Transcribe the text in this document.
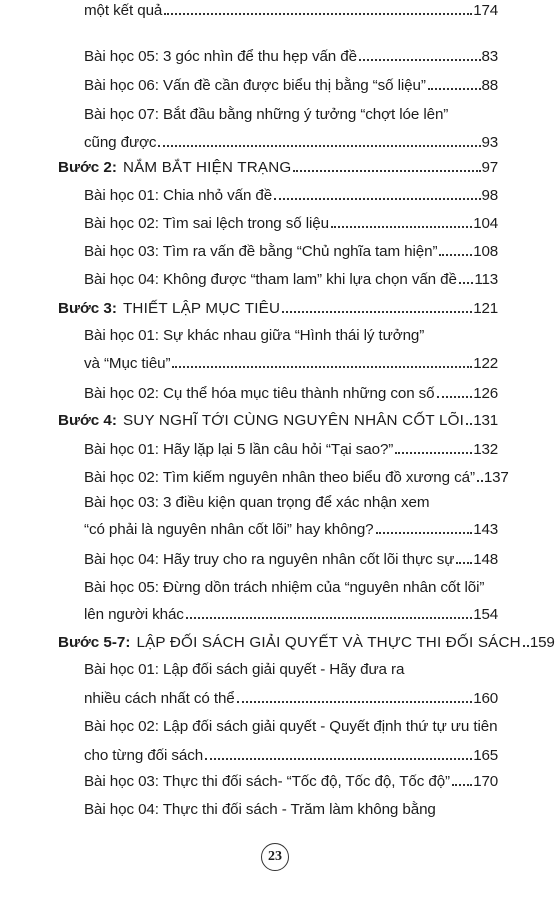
Bài học 05: 3 góc nhìn để thu hẹp vấn đề	83
Bài học 06: Vấn đề cần được biểu thị bằng “số liệu”	88
Bài học 07: Bắt đầu bằng những ý tưởng “chợt lóe lên”
cũng được	93
Bước 2: NẮM BẮT HIỆN TRẠNG	97
Bài học 01: Chia nhỏ vấn đề	98
Bài học 02: Tìm sai lệch trong số liệu	104
Bài học 03: Tìm ra vấn đề bằng “Chủ nghĩa tam hiện” 108
Bài học 04: Không được “tham lam” khi lựa chọn vấn đề 113
Bước 3: THIẾT LẬP MỤC TIÊU	121
Bài học 01: Sự khác nhau giữa “Hình thái lý tưởng”
và “Mục tiêu”	122
Bài học 02: Cụ thể hóa mục tiêu thành những con số	126
Bước 4: SUY NGHĨ TỚI CÙNG NGUYÊN NHÂN CỐT LÕI 131
Bài học 01: Hãy lặp lại 5 lần câu hỏi “Tại sao?”	132
Bài học 02: Tìm kiếm nguyên nhân theo biểu đồ xương cá” 137
Bài học 03: 3 điều kiện quan trọng để xác nhận xem
“có phải là nguyên nhân cốt lõi” hay không?	143
Bài học 04: Hãy truy cho ra nguyên nhân cốt lõi thực sự 148
Bài học 05: Đừng dồn trách nhiệm của “nguyên nhân cốt lõi”
lên người khác	154
Bước 5-7: LẬP ĐỐI SÁCH GIẢI QUYẾT VÀ THỰC THI ĐỐI SÁCH 159
Bài học 01: Lập đối sách giải quyết - Hãy đưa ra
nhiều cách nhất có thể	160
Bài học 02: Lập đối sách giải quyết - Quyết định thứ tự ưu tiên
cho từng đối sách	165
Bài học 03: Thực thi đối sách- “Tốc độ, Tốc độ, Tốc độ” 170
Bài học 04: Thực thi đối sách - Trăm làm không bằng
một kết quả	174
23
